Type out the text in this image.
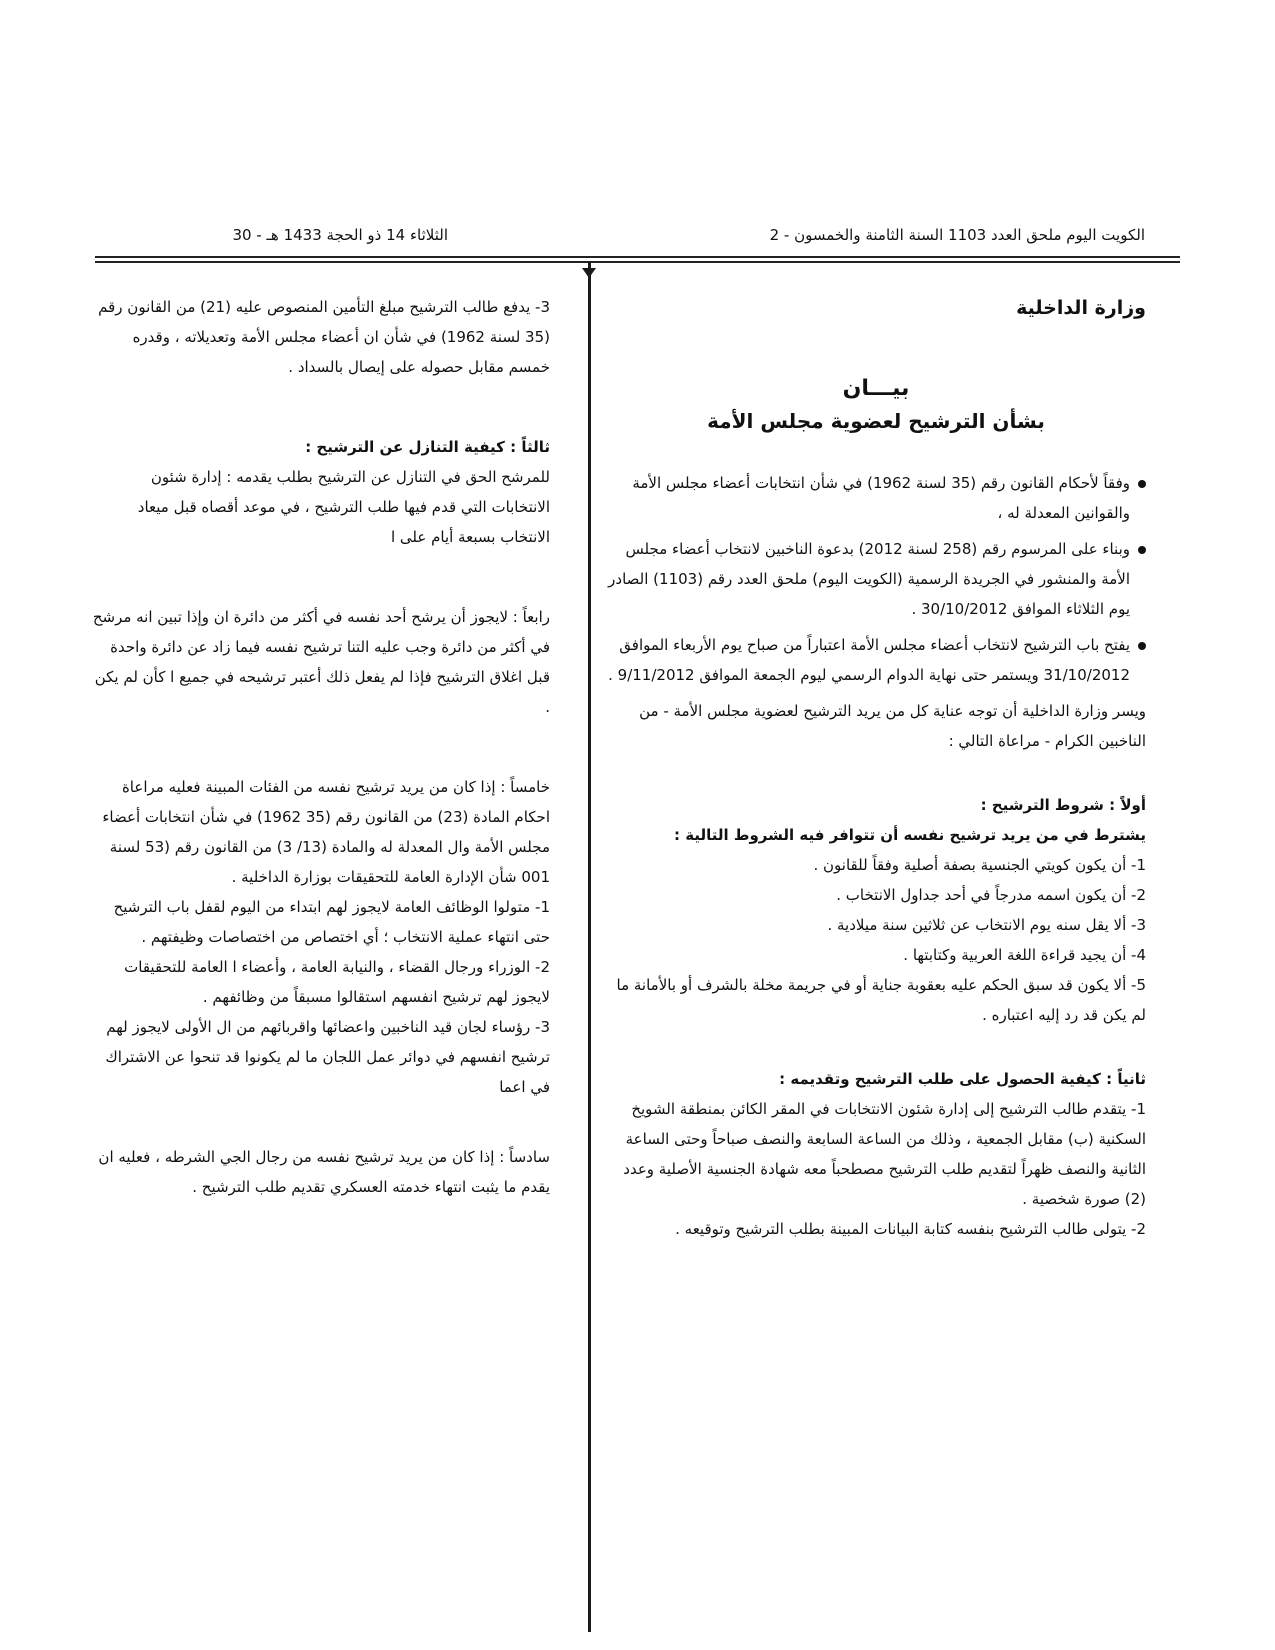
الكويت اليوم ملحق العدد 1103 السنة الثامنة والخمسون - 2
الثلاثاء 14 ذو الحجة 1433 هـ - 30

وزارة الداخلية

بيـــان

بشأن الترشيح لعضوية مجلس الأمة

وفقاً لأحكام القانون رقم (35 لسنة 1962) في شأن انتخابات أعضاء مجلس الأمة والقوانين المعدلة له ،

وبناء على المرسوم رقم (258 لسنة 2012) بدعوة الناخبين لانتخاب أعضاء مجلس الأمة والمنشور في الجريدة الرسمية (الكويت اليوم) ملحق العدد رقم (1103) الصادر يوم الثلاثاء الموافق 30/10/2012 .

يفتح باب الترشيح لانتخاب أعضاء مجلس الأمة اعتباراً من صباح يوم الأربعاء الموافق 31/10/2012 ويستمر حتى نهاية الدوام الرسمي ليوم الجمعة الموافق 9/11/2012 .

ويسر وزارة الداخلية أن توجه عناية كل من يريد الترشيح لعضوية مجلس الأمة - من الناخبين الكرام - مراعاة التالي :

أولاً : شروط الترشيح :

يشترط في من يريد ترشيح نفسه أن تتوافر فيه الشروط التالية :

1- أن يكون كويتي الجنسية بصفة أصلية وفقاً للقانون .

2- أن يكون اسمه مدرجاً في أحد جداول الانتخاب .

3- ألا يقل سنه يوم الانتخاب عن ثلاثين سنة ميلادية .

4- أن يجيد قراءة اللغة العربية وكتابتها .

5- ألا يكون قد سبق الحكم عليه بعقوبة جناية أو في جريمة مخلة بالشرف أو بالأمانة ما لم يكن قد رد إليه اعتباره .

ثانياً : كيفية الحصول على طلب الترشيح وتقديمه :

1- يتقدم طالب الترشيح إلى إدارة شئون الانتخابات في المقر الكائن بمنطقة الشويخ السكنية (ب) مقابل الجمعية ، وذلك من الساعة السابعة والنصف صباحاً وحتى الساعة الثانية والنصف ظهراً لتقديم طلب الترشيح مصطحباً معه شهادة الجنسية الأصلية وعدد (2) صورة شخصية .

2- يتولى طالب الترشيح بنفسه كتابة البيانات المبينة بطلب الترشيح وتوقيعه .

3- يدفع طالب الترشيح مبلغ التأمين المنصوص عليه (21) من القانون رقم (35 لسنة 1962) في شأن ان أعضاء مجلس الأمة وتعديلاته ، وقدره خمسم مقابل حصوله على إيصال بالسداد .

ثالثاً : كيفية التنازل عن الترشيح :

للمرشح الحق في التنازل عن الترشيح بطلب يقدمه : إدارة شئون الانتخابات التي قدم فيها طلب الترشيح ، في موعد أقصاه قبل ميعاد الانتخاب بسبعة أيام على ا

رابعاً : لايجوز أن يرشح أحد نفسه في أكثر من دائرة ان وإذا تبين انه مرشح في أكثر من دائرة وجب عليه التنا ترشيح نفسه فيما زاد عن دائرة واحدة قبل اغلاق الترشيح فإذا لم يفعل ذلك أعتبر ترشيحه في جميع ا كأن لم يكن .

خامساً : إذا كان من يريد ترشيح نفسه من الفئات المبينة فعليه مراعاة احكام المادة (23) من القانون رقم (35 1962) في شأن انتخابات أعضاء مجلس الأمة وال المعدلة له والمادة (13/ 3) من القانون رقم (53 لسنة 001 شأن الإدارة العامة للتحقيقات بوزارة الداخلية .

1- متولوا الوظائف العامة لايجوز لهم ابتداء من اليوم لقفل باب الترشيح حتى انتهاء عملية الانتخاب ؛ أي اختصاص من اختصاصات وظيفتهم .

2- الوزراء ورجال القضاء ، والنيابة العامة ، وأعضاء ا العامة للتحقيقات لايجوز لهم ترشيح انفسهم استقالوا مسبقاً من وظائفهم .

3- رؤساء لجان قيد الناخبين واعضائها واقربائهم من ال الأولى لايجوز لهم ترشيح انفسهم في دوائر عمل اللجان ما لم يكونوا قد تنحوا عن الاشتراك في اعما

سادساً : إذا كان من يريد ترشيح نفسه من رجال الجي الشرطه ، فعليه ان يقدم ما يثبت انتهاء خدمته العسكري تقديم طلب الترشيح .
